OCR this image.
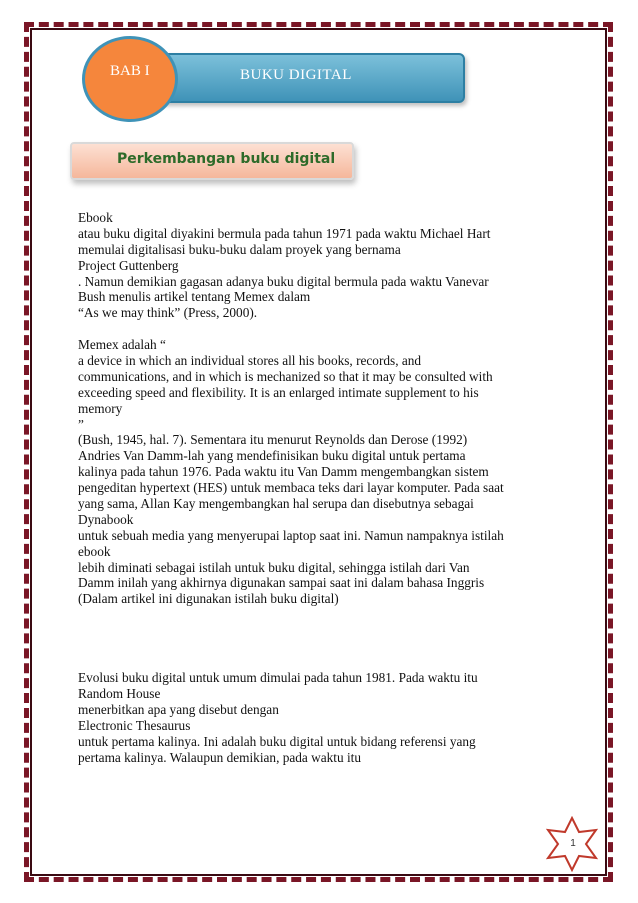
BUKU DIGITAL
BAB I
Perkembangan buku digital
Ebook
atau buku digital diyakini bermula pada tahun 1971 pada waktu Michael Hart
memulai digitalisasi buku-buku dalam proyek yang bernama
Project Guttenberg
. Namun demikian gagasan adanya buku digital bermula pada waktu Vanevar
Bush menulis artikel tentang Memex dalam
“As we may think” (Press, 2000).
Memex adalah “
a device in which an individual stores all his books, records, and
communications, and in which is mechanized so that it may be consulted with
exceeding speed and flexibility. It is an enlarged intimate supplement to his
memory
”
(Bush, 1945, hal. 7). Sementara itu menurut Reynolds dan Derose (1992)
Andries Van Damm-lah yang mendefinisikan buku digital untuk pertama
kalinya pada tahun 1976. Pada waktu itu Van Damm mengembangkan sistem
pengeditan hypertext (HES) untuk membaca teks dari layar komputer. Pada saat
yang sama, Allan Kay mengembangkan hal serupa dan disebutnya sebagai
Dynabook
untuk sebuah media yang menyerupai laptop saat ini. Namun nampaknya istilah
ebook
lebih diminati sebagai istilah untuk buku digital, sehingga istilah dari Van
Damm inilah yang akhirnya digunakan sampai saat ini dalam bahasa Inggris
(Dalam artikel ini digunakan istilah buku digital)
Evolusi buku digital untuk umum dimulai pada tahun 1981. Pada waktu itu
Random House
menerbitkan apa yang disebut dengan
Electronic Thesaurus
untuk pertama kalinya. Ini adalah buku digital untuk bidang referensi yang
pertama kalinya. Walaupun demikian, pada waktu itu
1
